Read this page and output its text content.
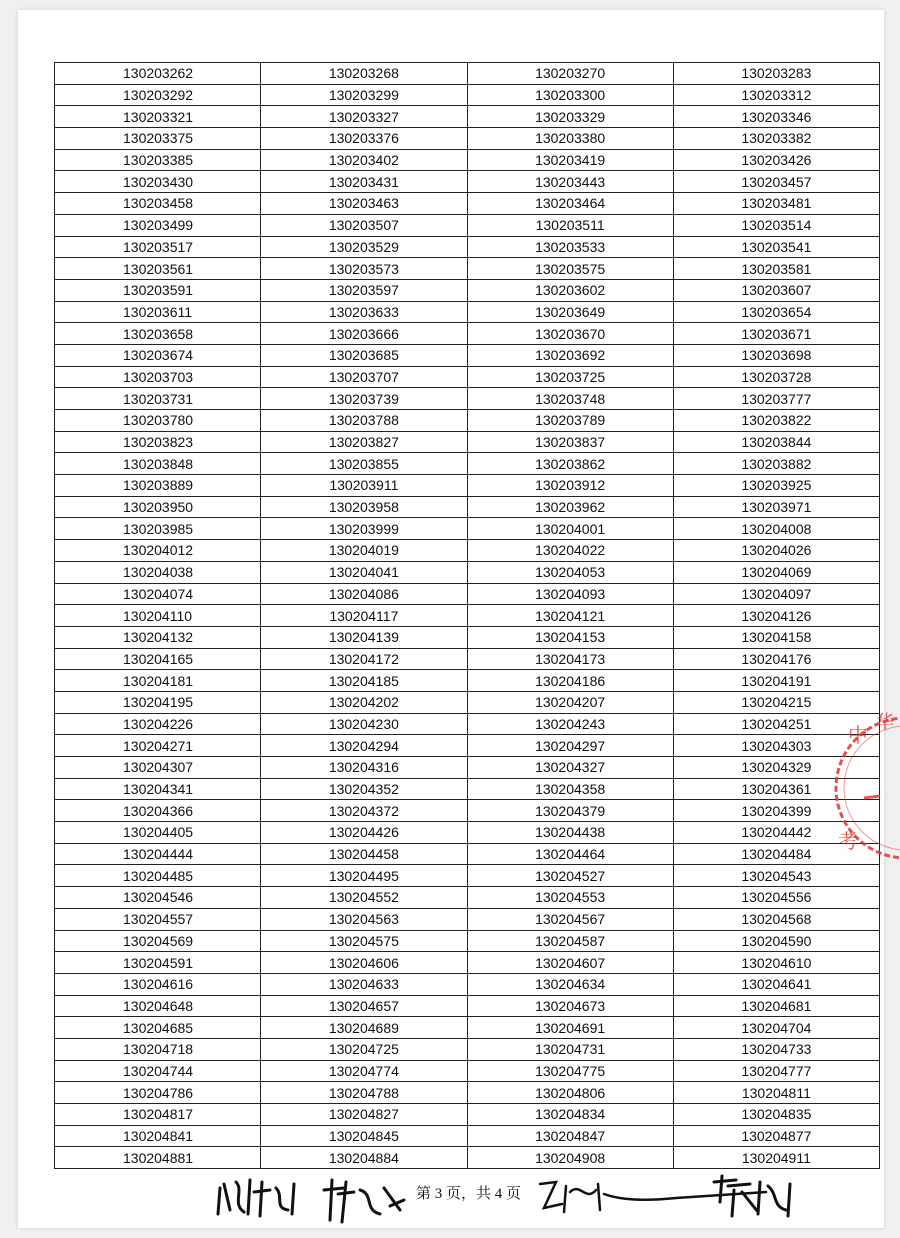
130203262	130203268	130203270	130203283
130203292	130203299	130203300	130203312
130203321	130203327	130203329	130203346
130203375	130203376	130203380	130203382
130203385	130203402	130203419	130203426
130203430	130203431	130203443	130203457
130203458	130203463	130203464	130203481
130203499	130203507	130203511	130203514
130203517	130203529	130203533	130203541
130203561	130203573	130203575	130203581
130203591	130203597	130203602	130203607
130203611	130203633	130203649	130203654
130203658	130203666	130203670	130203671
130203674	130203685	130203692	130203698
130203703	130203707	130203725	130203728
130203731	130203739	130203748	130203777
130203780	130203788	130203789	130203822
130203823	130203827	130203837	130203844
130203848	130203855	130203862	130203882
130203889	130203911	130203912	130203925
130203950	130203958	130203962	130203971
130203985	130203999	130204001	130204008
130204012	130204019	130204022	130204026
130204038	130204041	130204053	130204069
130204074	130204086	130204093	130204097
130204110	130204117	130204121	130204126
130204132	130204139	130204153	130204158
130204165	130204172	130204173	130204176
130204181	130204185	130204186	130204191
130204195	130204202	130204207	130204215
130204226	130204230	130204243	130204251
130204271	130204294	130204297	130204303
130204307	130204316	130204327	130204329
130204341	130204352	130204358	130204361
130204366	130204372	130204379	130204399
130204405	130204426	130204438	130204442
130204444	130204458	130204464	130204484
130204485	130204495	130204527	130204543
130204546	130204552	130204553	130204556
130204557	130204563	130204567	130204568
130204569	130204575	130204587	130204590
130204591	130204606	130204607	130204610
130204616	130204633	130204634	130204641
130204648	130204657	130204673	130204681
130204685	130204689	130204691	130204704
130204718	130204725	130204731	130204733
130204744	130204774	130204775	130204777
130204786	130204788	130204806	130204811
130204817	130204827	130204834	130204835
130204841	130204845	130204847	130204877
130204881	130204884	130204908	130204911
中
华
考
第 3 页，共 4 页
